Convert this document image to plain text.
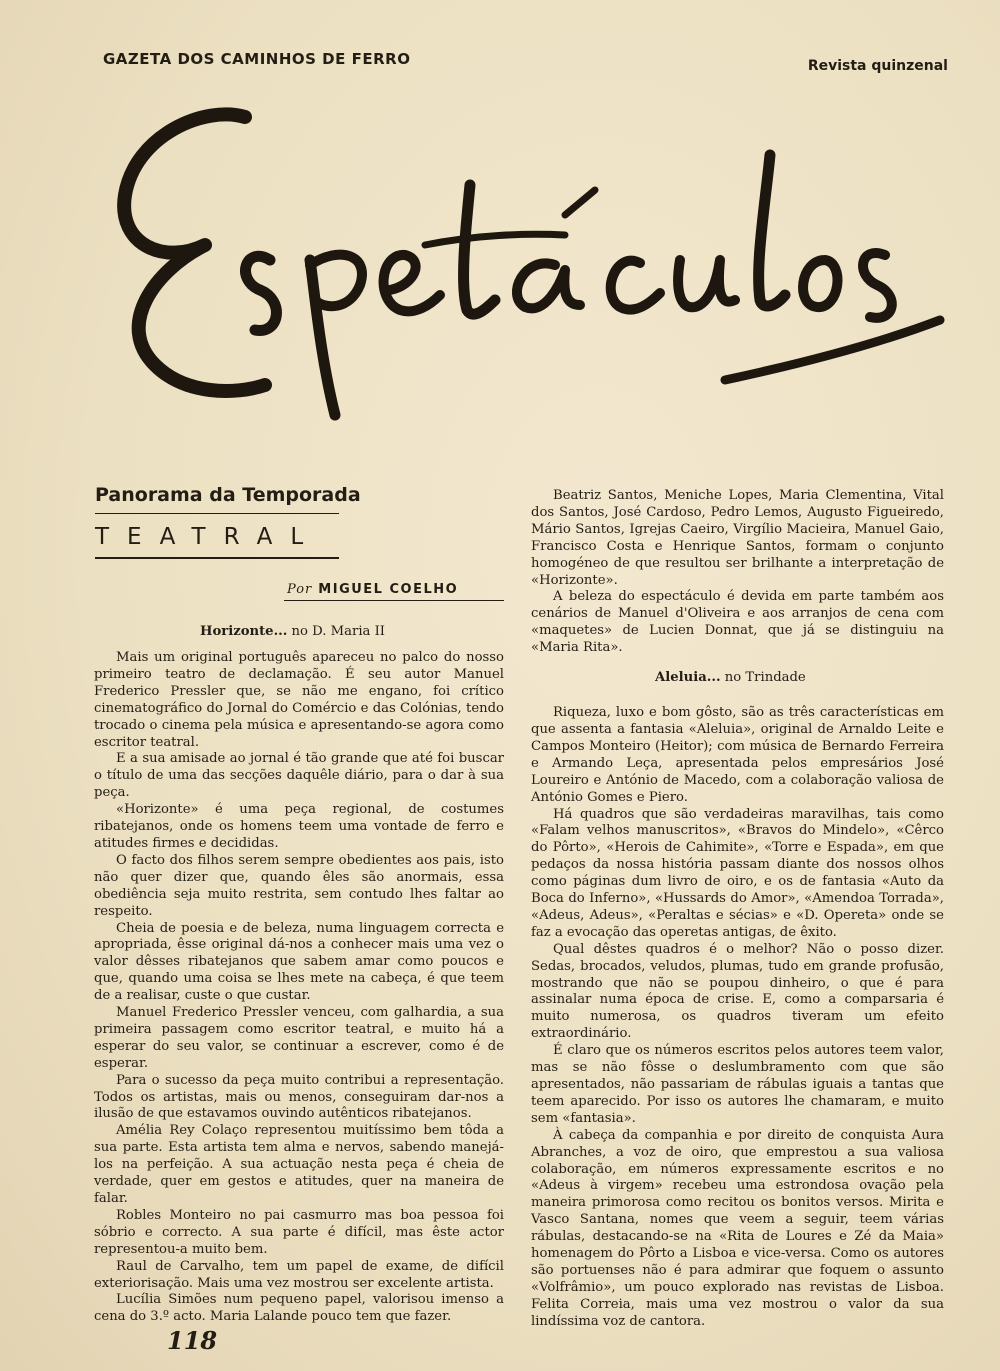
GAZETA DOS CAMINHOS DE FERRO	Revista quinzenal
Panorama da Temporada
TEATRAL
Por MIGUEL COELHO
Horizonte... no D. Maria II

Mais um original português apareceu no palco do nosso primeiro teatro de declamação. É seu autor Manuel Frederico Pressler que, se não me engano, foi crítico cinematográfico do Jornal do Comércio e das Colónias, tendo trocado o cinema pela música e apresentando-se agora como escritor teatral.

E a sua amisade ao jornal é tão grande que até foi buscar o título de uma das secções daquêle diário, para o dar à sua peça.

«Horizonte» é uma peça regional, de costumes ribatejanos, onde os homens teem uma vontade de ferro e atitudes firmes e decididas.

O facto dos filhos serem sempre obedientes aos pais, isto não quer dizer que, quando êles são anormais, essa obediência seja muito restrita, sem contudo lhes faltar ao respeito.

Cheia de poesia e de beleza, numa linguagem correcta e apropriada, êsse original dá-nos a conhecer mais uma vez o valor dêsses ribatejanos que sabem amar como poucos e que, quando uma coisa se lhes mete na cabeça, é que teem de a realisar, custe o que custar.

Manuel Frederico Pressler venceu, com galhardia, a sua primeira passagem como escritor teatral, e muito há a esperar do seu valor, se continuar a escrever, como é de esperar.

Para o sucesso da peça muito contribui a representação. Todos os artistas, mais ou menos, conseguiram dar-nos a ilusão de que estavamos ouvindo autênticos ribatejanos.

Amélia Rey Colaço representou muitíssimo bem tôda a sua parte. Esta artista tem alma e nervos, sabendo manejá-los na perfeição. A sua actuação nesta peça é cheia de verdade, quer em gestos e atitudes, quer na maneira de falar.

Robles Monteiro no pai casmurro mas boa pessoa foi sóbrio e correcto. A sua parte é difícil, mas êste actor representou-a muito bem.

Raul de Carvalho, tem um papel de exame, de difícil exteriorisação. Mais uma vez mostrou ser excelente artista.

Lucília Simões num pequeno papel, valorisou imenso a cena do 3.º acto. Maria Lalande pouco tem que fazer.

Beatriz Santos, Meniche Lopes, Maria Clementina, Vital dos Santos, José Cardoso, Pedro Lemos, Augusto Figueiredo, Mário Santos, Igrejas Caeiro, Virgílio Macieira, Manuel Gaio, Francisco Costa e Henrique Santos, formam o conjunto homogéneo de que resultou ser brilhante a interpretação de «Horizonte».

A beleza do espectáculo é devida em parte também aos cenários de Manuel d'Oliveira e aos arranjos de cena com «maquetes» de Lucien Donnat, que já se distinguiu na «Maria Rita».

Riqueza, luxo e bom gôsto, são as três características em que assenta a fantasia «Aleluia», original de Arnaldo Leite e Campos Monteiro (Heitor); com música de Bernardo Ferreira e Armando Leça, apresentada pelos empresários José Loureiro e António de Macedo, com a colaboração valiosa de António Gomes e Piero.

Há quadros que são verdadeiras maravilhas, tais como «Falam velhos manuscritos», «Bravos do Mindelo», «Cêrco do Pôrto», «Herois de Cahimite», «Torre e Espada», em que pedaços da nossa história passam diante dos nossos olhos como páginas dum livro de oiro, e os de fantasia «Auto da Boca do Inferno», «Hussards do Amor», «Amendoa Torrada», «Adeus, Adeus», «Peraltas e sécias» e «D. Opereta» onde se faz a evocação das operetas antigas, de êxito.

Qual dêstes quadros é o melhor? Não o posso dizer. Sedas, brocados, veludos, plumas, tudo em grande profusão, mostrando que não se poupou dinheiro, o que é para assinalar numa época de crise. E, como a comparsaria é muito numerosa, os quadros tiveram um efeito extraordinário.

É claro que os números escritos pelos autores teem valor, mas se não fôsse o deslumbramento com que são apresentados, não passariam de rábulas iguais a tantas que teem aparecido. Por isso os autores lhe chamaram, e muito sem «fantasia».

À cabeça da companhia e por direito de conquista Aura Abranches, a voz de oiro, que emprestou a sua valiosa colaboração, em números expressamente escritos e no «Adeus à virgem» recebeu uma estrondosa ovação pela maneira primorosa como recitou os bonitos versos. Mirita e Vasco Santana, nomes que veem a seguir, teem várias rábulas, destacando-se na «Rita de Loures e Zé da Maia» homenagem do Pôrto a Lisboa e vice-versa. Como os autores são portuenses não é para admirar que foquem o assunto «Volfrâmio», um pouco explorado nas revistas de Lisboa. Felita Correia, mais uma vez mostrou o valor da sua lindíssima voz de cantora.

Aleluia... no Trindade
118
